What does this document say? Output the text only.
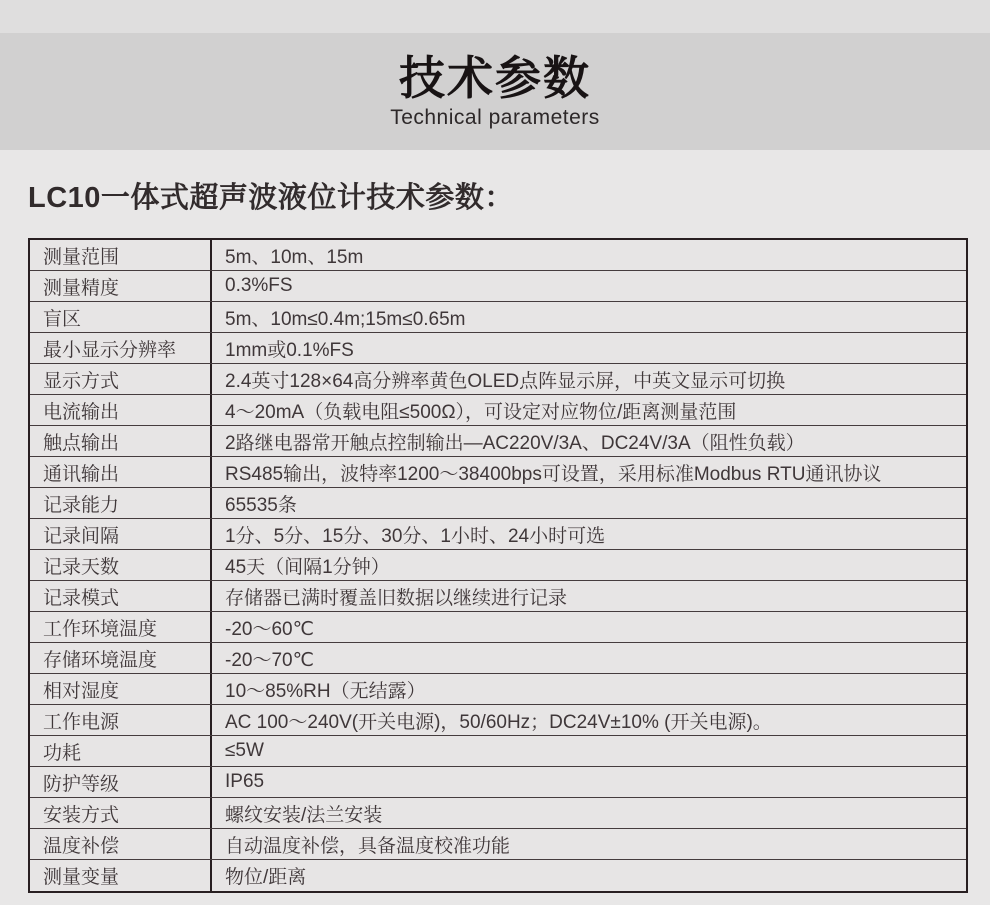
技术参数
Technical parameters
LC10一体式超声波液位计技术参数：
测量范围	5m、10m、15m
测量精度	0.3%FS
盲区	5m、10m≤0.4m;15m≤0.65m
最小显示分辨率	1mm或0.1%FS
显示方式	2.4英寸128×64高分辨率黄色OLED点阵显示屏，中英文显示可切换
电流输出	4～20mA（负载电阻≤500Ω），可设定对应物位/距离测量范围
触点输出	2路继电器常开触点控制输出—AC220V/3A、DC24V/3A（阻性负载）
通讯输出	RS485输出，波特率1200～38400bps可设置，采用标准Modbus RTU通讯协议
记录能力	65535条
记录间隔	1分、5分、15分、30分、1小时、24小时可选
记录天数	45天（间隔1分钟）
记录模式	存储器已满时覆盖旧数据以继续进行记录
工作环境温度	-20～60℃
存储环境温度	-20～70℃
相对湿度	10～85%RH（无结露）
工作电源	AC 100～240V(开关电源)，50/60Hz；DC24V±10% (开关电源)。
功耗	≤5W
防护等级	IP65
安装方式	螺纹安装/法兰安装
温度补偿	自动温度补偿，具备温度校准功能
测量变量	物位/距离
